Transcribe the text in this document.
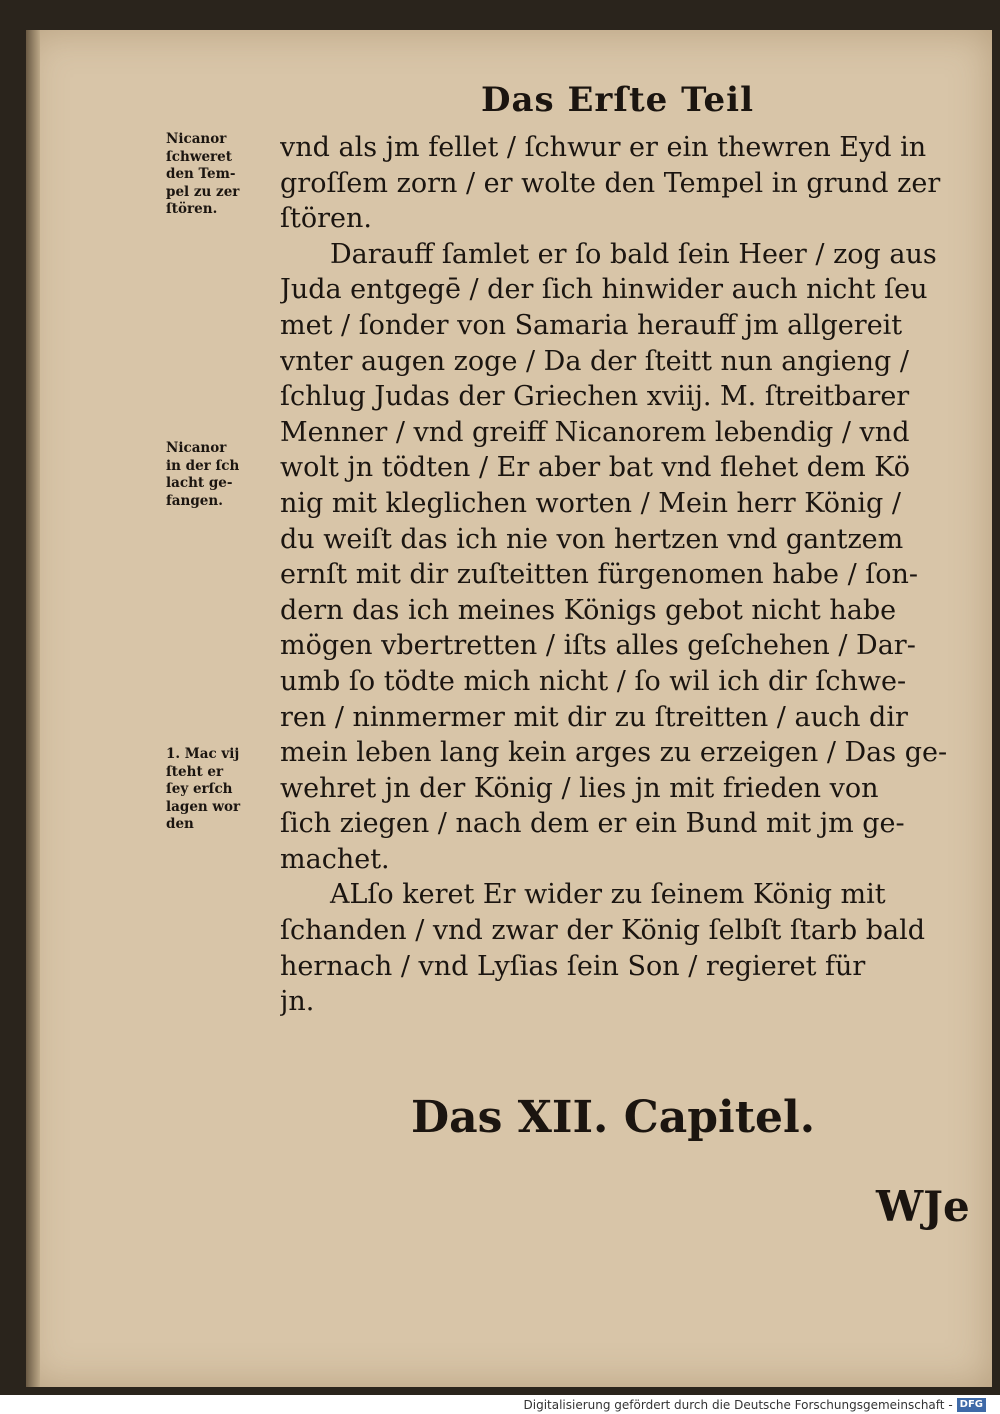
Das Erſte Teil
Nicanor
ſchweret
den Tem-
pel zu zer
ſtören.
Nicanor
in der ſch
lacht ge-
fangen.
1. Mac vij
ſteht er
ſey erſch
lagen wor
den
vnd als jm fellet / ſchwur er ein thewren Eyd in
groſſem zorn / er wolte den Tempel in grund zer
ſtören.
Darauff ſamlet er ſo bald ſein Heer / zog aus
Juda entgegē / der ſich hinwider auch nicht ſeu
met / ſonder von Samaria herauff jm allgereit
vnter augen zoge / Da der ſteitt nun angieng /
ſchlug Judas der Griechen xviij. M. ſtreitbarer
Menner / vnd greiff Nicanorem lebendig / vnd
wolt jn tödten / Er aber bat vnd flehet dem Kö
nig mit kleglichen worten / Mein herr König /
du weiſt das ich nie von hertzen vnd gantzem
ernſt mit dir zuſteitten fürgenomen habe / ſon-
dern das ich meines Königs gebot nicht habe
mögen vbertretten / iſts alles geſchehen / Dar-
umb ſo tödte mich nicht / ſo wil ich dir ſchwe-
ren / ninmermer mit dir zu ſtreitten / auch dir
mein leben lang kein arges zu erzeigen / Das ge-
wehret jn der König / lies jn mit frieden von
ſich ziegen / nach dem er ein Bund mit jm ge-
machet.
ALſo keret Er wider zu ſeinem König mit
ſchanden / vnd zwar der König ſelbſt ſtarb bald
hernach / vnd Lyſias ſein Son / regieret für
jn.
Das XII. Capitel.
WJe
Digitalisierung gefördert durch die Deutsche Forschungsgemeinschaft - DFG
